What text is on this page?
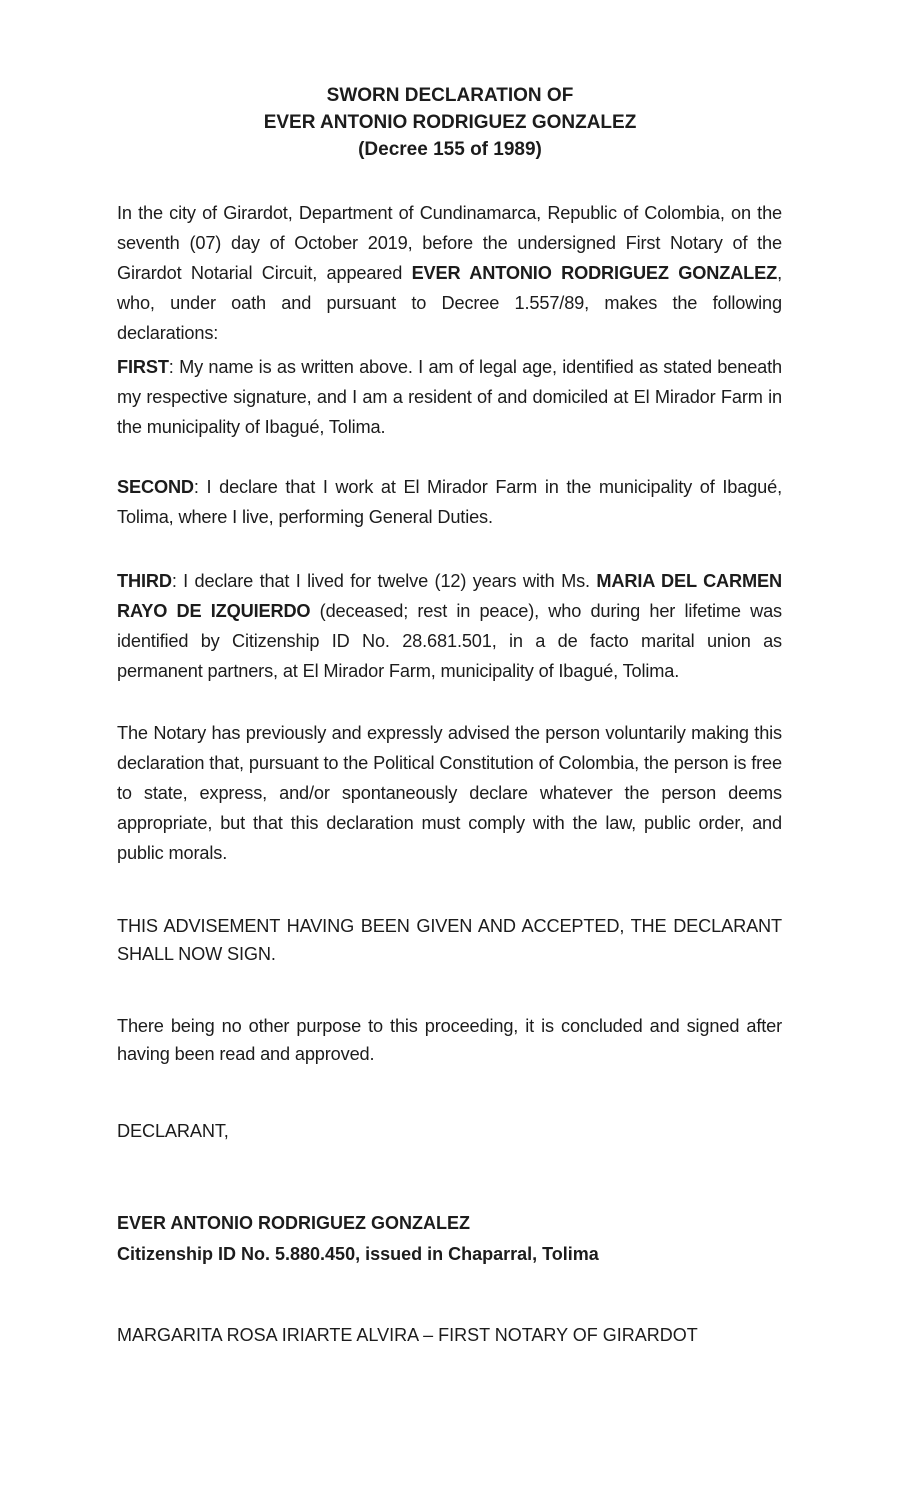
SWORN DECLARATION OF
EVER ANTONIO RODRIGUEZ GONZALEZ
(Decree 155 of 1989)
In the city of Girardot, Department of Cundinamarca, Republic of Colombia, on the seventh (07) day of October 2019, before the undersigned First Notary of the Girardot Notarial Circuit, appeared EVER ANTONIO RODRIGUEZ GONZALEZ, who, under oath and pursuant to Decree 1.557/89, makes the following declarations:
FIRST: My name is as written above. I am of legal age, identified as stated beneath my respective signature, and I am a resident of and domiciled at El Mirador Farm in the municipality of Ibagué, Tolima.
SECOND: I declare that I work at El Mirador Farm in the municipality of Ibagué, Tolima, where I live, performing General Duties.
THIRD: I declare that I lived for twelve (12) years with Ms. MARIA DEL CARMEN RAYO DE IZQUIERDO (deceased; rest in peace), who during her lifetime was identified by Citizenship ID No. 28.681.501, in a de facto marital union as permanent partners, at El Mirador Farm, municipality of Ibagué, Tolima.
The Notary has previously and expressly advised the person voluntarily making this declaration that, pursuant to the Political Constitution of Colombia, the person is free to state, express, and/or spontaneously declare whatever the person deems appropriate, but that this declaration must comply with the law, public order, and public morals.
THIS ADVISEMENT HAVING BEEN GIVEN AND ACCEPTED, THE DECLARANT SHALL NOW SIGN.
There being no other purpose to this proceeding, it is concluded and signed after having been read and approved.
DECLARANT,
EVER ANTONIO RODRIGUEZ GONZALEZ
Citizenship ID No. 5.880.450, issued in Chaparral, Tolima
MARGARITA ROSA IRIARTE ALVIRA – FIRST NOTARY OF GIRARDOT
